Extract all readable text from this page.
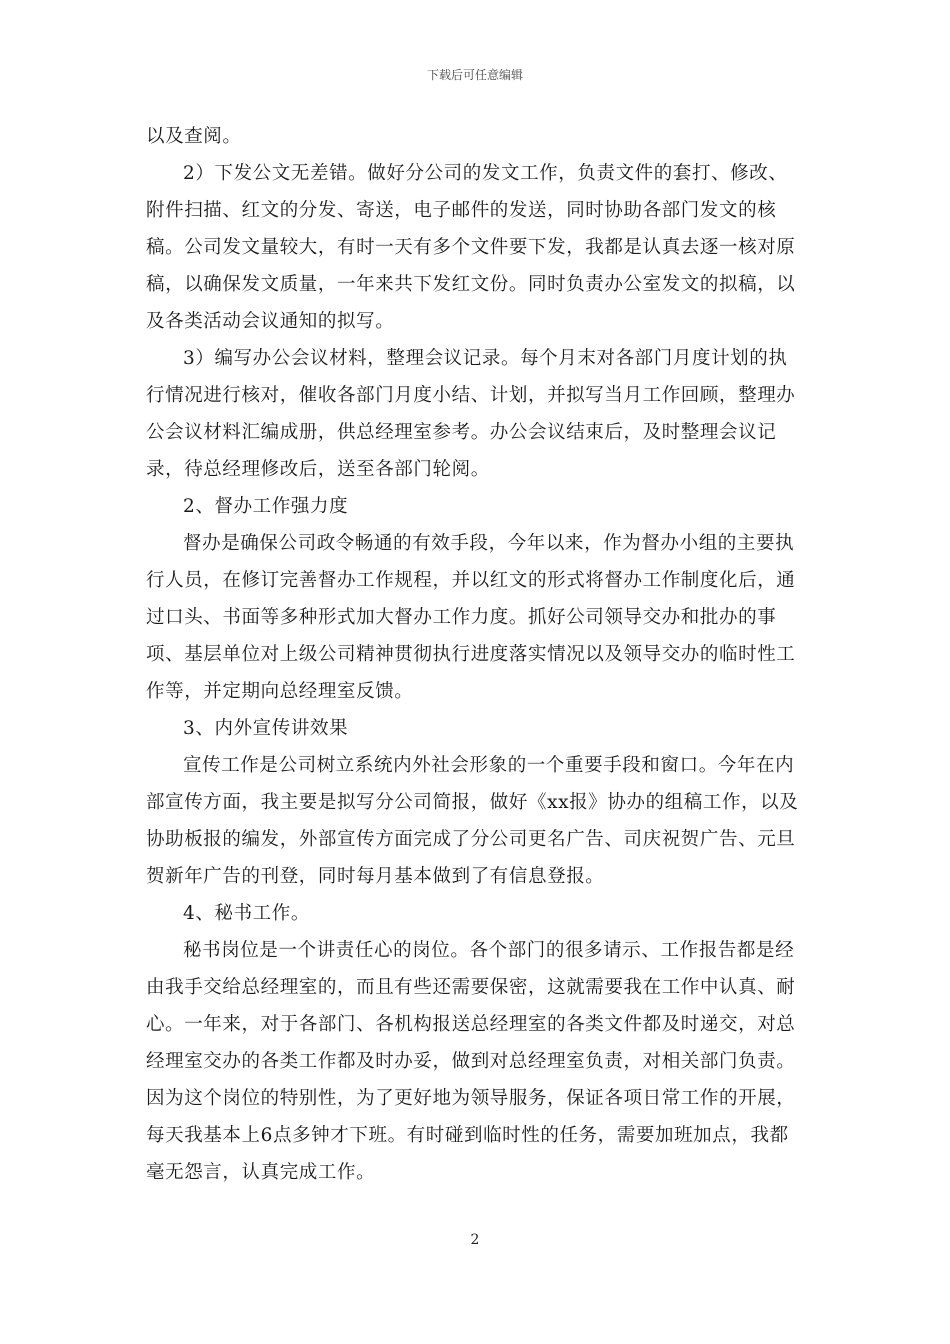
下载后可任意编辑

以及查阅。

2）下发公文无差错。做好分公司的发文工作，负责文件的套打、修改、附件扫描、红文的分发、寄送，电子邮件的发送，同时协助各部门发文的核稿。公司发文量较大，有时一天有多个文件要下发，我都是认真去逐一核对原稿，以确保发文质量，一年来共下发红文份。同时负责办公室发文的拟稿，以及各类活动会议通知的拟写。

3）编写办公会议材料，整理会议记录。每个月末对各部门月度计划的执行情况进行核对，催收各部门月度小结、计划，并拟写当月工作回顾，整理办公会议材料汇编成册，供总经理室参考。办公会议结束后，及时整理会议记录，待总经理修改后，送至各部门轮阅。

2、督办工作强力度

督办是确保公司政令畅通的有效手段，今年以来，作为督办小组的主要执行人员，在修订完善督办工作规程，并以红文的形式将督办工作制度化后，通过口头、书面等多种形式加大督办工作力度。抓好公司领导交办和批办的事项、基层单位对上级公司精神贯彻执行进度落实情况以及领导交办的临时性工作等，并定期向总经理室反馈。

3、内外宣传讲效果

宣传工作是公司树立系统内外社会形象的一个重要手段和窗口。今年在内部宣传方面，我主要是拟写分公司简报，做好《xx报》协办的组稿工作，以及协助板报的编发，外部宣传方面完成了分公司更名广告、司庆祝贺广告、元旦贺新年广告的刊登，同时每月基本做到了有信息登报。

4、秘书工作。

秘书岗位是一个讲责任心的岗位。各个部门的很多请示、工作报告都是经由我手交给总经理室的，而且有些还需要保密，这就需要我在工作中认真、耐心。一年来，对于各部门、各机构报送总经理室的各类文件都及时递交，对总经理室交办的各类工作都及时办妥，做到对总经理室负责，对相关部门负责。因为这个岗位的特别性，为了更好地为领导服务，保证各项日常工作的开展，每天我基本上6点多钟才下班。有时碰到临时性的任务，需要加班加点，我都毫无怨言，认真完成工作。

2
